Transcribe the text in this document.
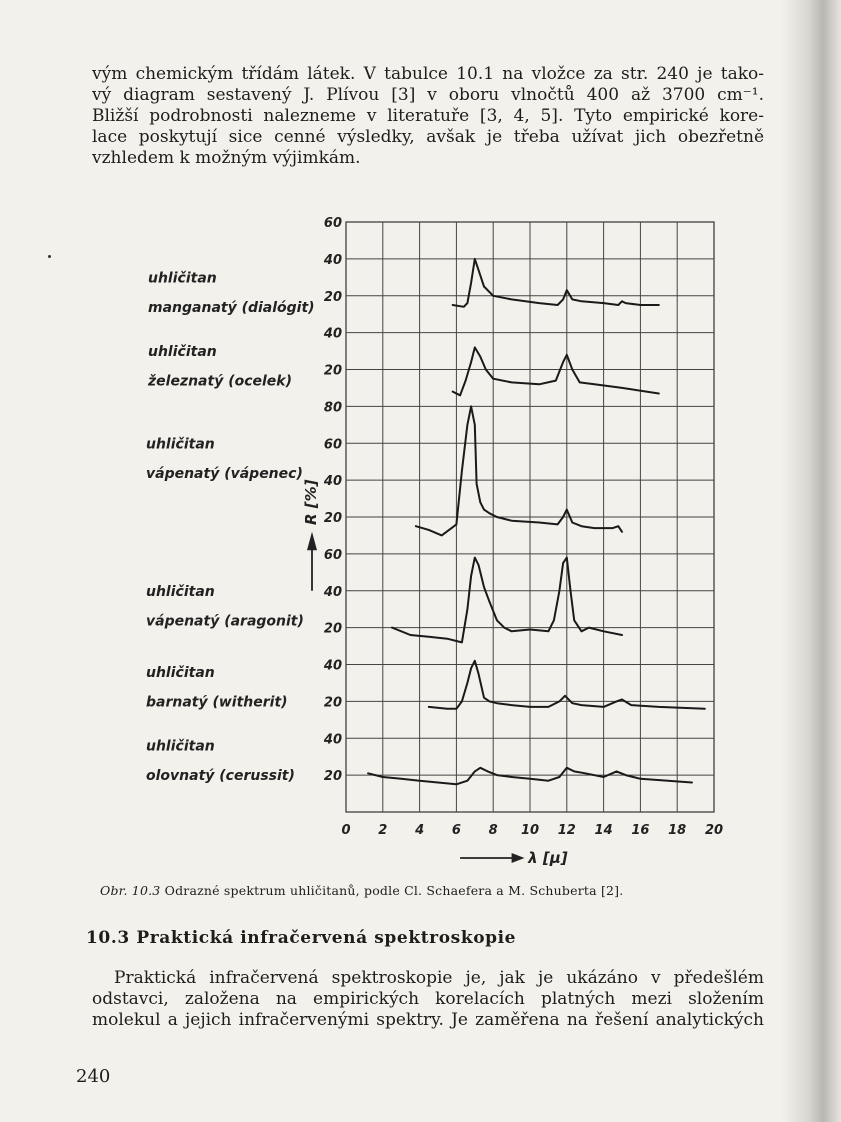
vým chemickým třídám látek. V tabulce 10.1 na vložce za str. 240 je tako-
vý diagram sestavený J. Plívou [3] v oboru vlnočtů 400 až 3700 cm⁻¹.
Bližší podrobnosti nalezneme v literatuře [3, 4, 5]. Tyto empirické kore-
lace poskytují sice cenné výsledky, avšak je třeba užívat jich obezřetně
vzhledem k možným výjimkám.
60
40
20
uhličitan
manganatý (dialógit)
40
20
uhličitan
železnatý (ocelek)
80
60
40
20
uhličitan
vápenatý (vápenec)
60
40
20
uhličitan
vápenatý (aragonit)
40
20
uhličitan
barnatý (witherit)
40
20
uhličitan
olovnatý (cerussit)
0 2 4 6 8 10 12 14 16 18 20
λ [μ]
R [%]
Obr. 10.3 Odrazné spektrum uhličitanů, podle Cl. Schaefera a M. Schuberta [2].
10.3 Praktická infračervená spektroskopie
Praktická infračervená spektroskopie je, jak je ukázáno v předešlém
odstavci, založena na empirických korelacích platných mezi složením
molekul a jejich infračervenými spektry. Je zaměřena na řešení analytických
240
